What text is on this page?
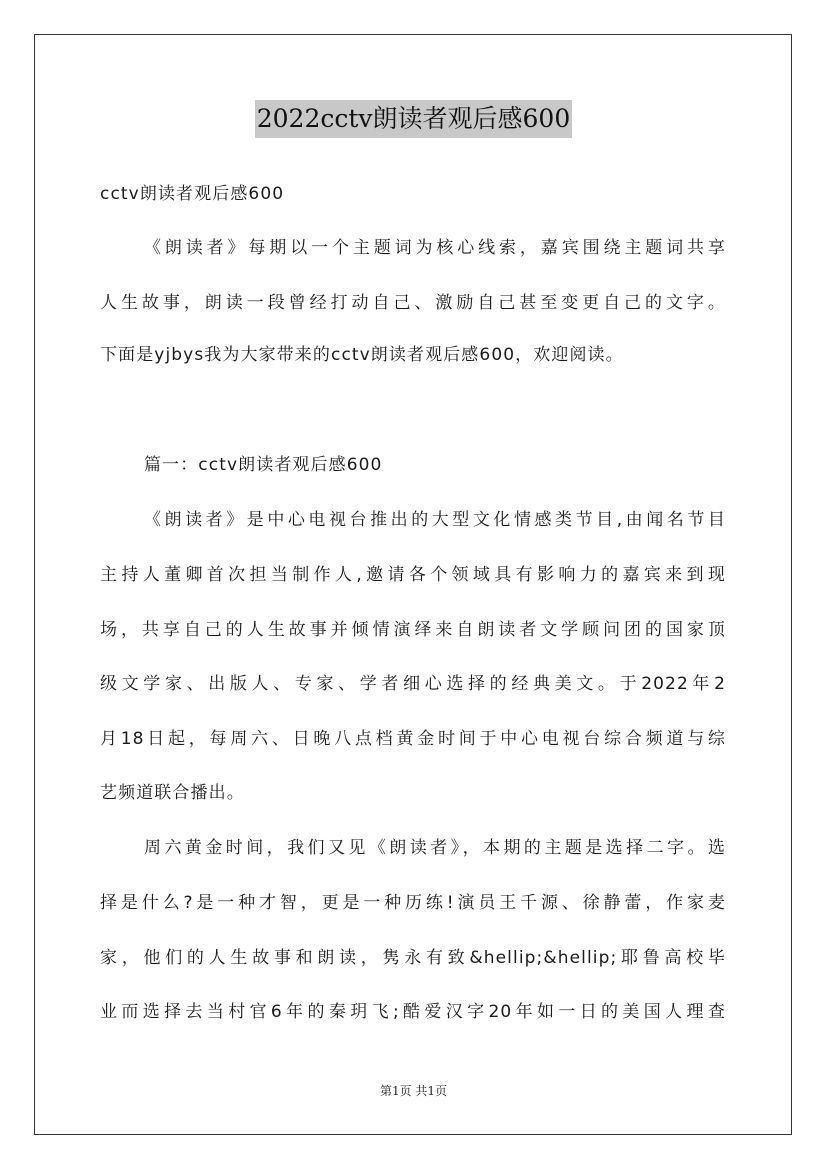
2022cctv朗读者观后感600
cctv朗读者观后感600
《朗读者》每期以一个主题词为核心线索，嘉宾围绕主题词共享
人生故事，朗读一段曾经打动自己、激励自己甚至变更自己的文字。
下面是yjbys我为大家带来的cctv朗读者观后感600，欢迎阅读。
篇一：cctv朗读者观后感600
《朗读者》是中心电视台推出的大型文化情感类节目,由闻名节目
主持人董卿首次担当制作人,邀请各个领域具有影响力的嘉宾来到现
场，共享自己的人生故事并倾情演绎来自朗读者文学顾问团的国家顶
级文学家、出版人、专家、学者细心选择的经典美文。于2022年2
月18日起，每周六、日晚八点档黄金时间于中心电视台综合频道与综
艺频道联合播出。
周六黄金时间，我们又见《朗读者》，本期的主题是选择二字。选
择是什么?是一种才智，更是一种历练!演员王千源、徐静蕾，作家麦
家，他们的人生故事和朗读，隽永有致&hellip;&hellip;耶鲁高校毕
业而选择去当村官6年的秦玥飞;酷爱汉字20年如一日的美国人理查
第1页 共1页
